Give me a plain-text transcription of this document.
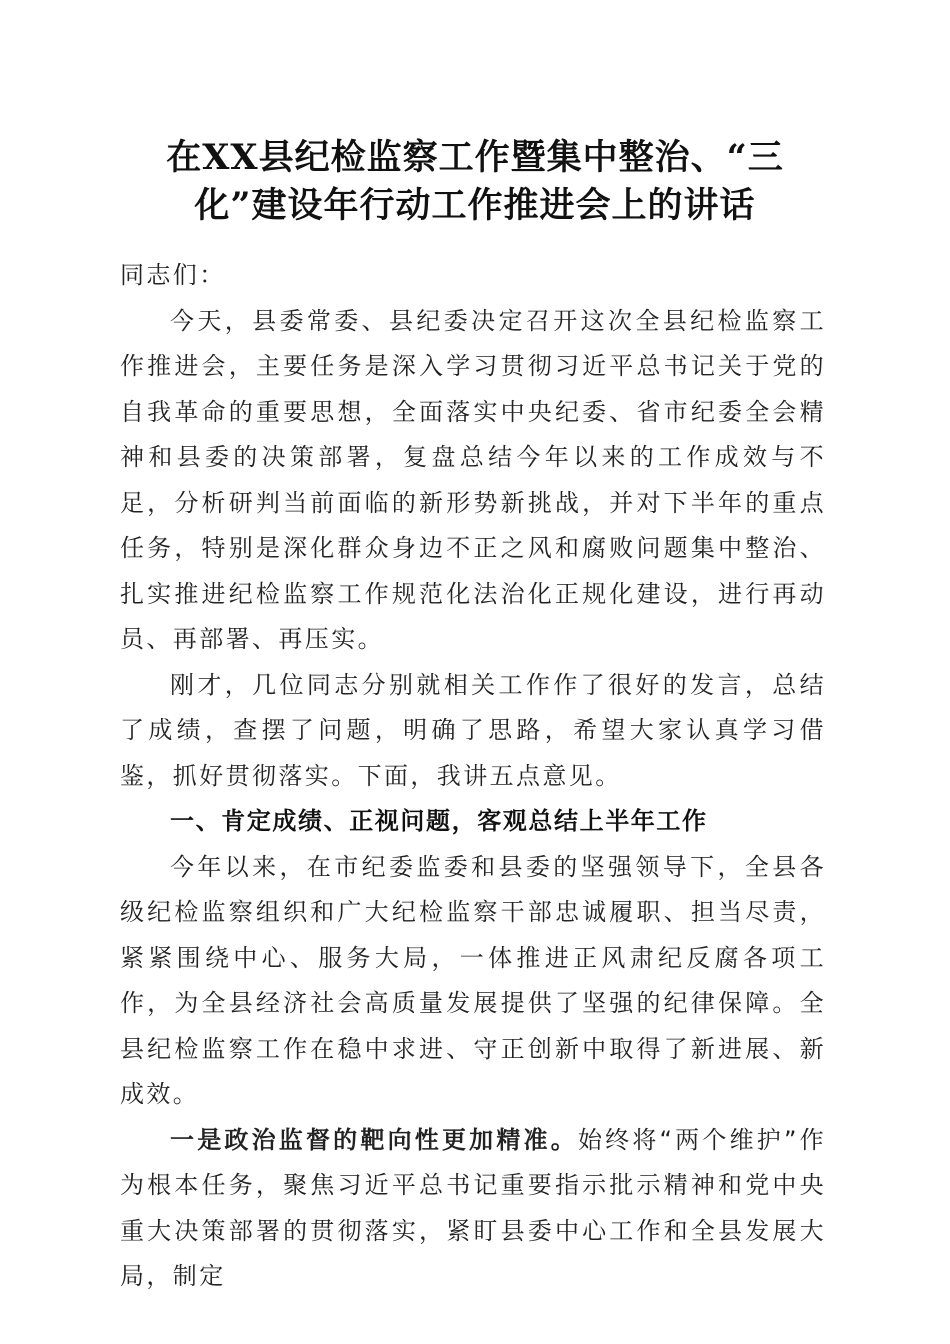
在XX县纪检监察工作暨集中整治、“三
化”建设年行动工作推进会上的讲话

同志们：

今天，县委常委、县纪委决定召开这次全县纪检监察工作推进会，主要任务是深入学习贯彻习近平总书记关于党的自我革命的重要思想，全面落实中央纪委、省市纪委全会精神和县委的决策部署，复盘总结今年以来的工作成效与不足，分析研判当前面临的新形势新挑战，并对下半年的重点任务，特别是深化群众身边不正之风和腐败问题集中整治、扎实推进纪检监察工作规范化法治化正规化建设，进行再动员、再部署、再压实。

刚才，几位同志分别就相关工作作了很好的发言，总结了成绩，查摆了问题，明确了思路，希望大家认真学习借鉴，抓好贯彻落实。下面，我讲五点意见。

一、肯定成绩、正视问题，客观总结上半年工作

今年以来，在市纪委监委和县委的坚强领导下，全县各级纪检监察组织和广大纪检监察干部忠诚履职、担当尽责，紧紧围绕中心、服务大局，一体推进正风肃纪反腐各项工作，为全县经济社会高质量发展提供了坚强的纪律保障。全县纪检监察工作在稳中求进、守正创新中取得了新进展、新成效。

一是政治监督的靶向性更加精准。始终将“两个维护”作为根本任务，聚焦习近平总书记重要指示批示精神和党中央重大决策部署的贯彻落实，紧盯县委中心工作和全县发展大局，制定
